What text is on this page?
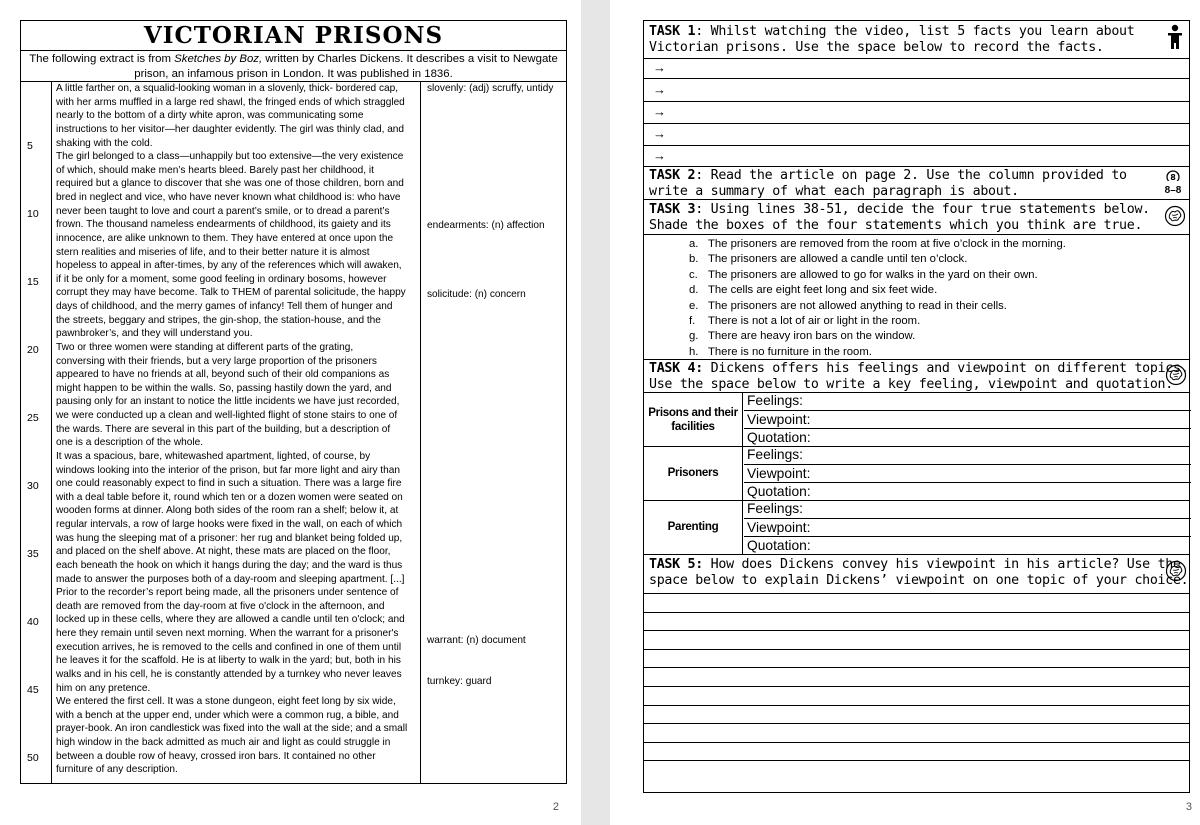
VICTORIAN PRISONS
The following extract is from Sketches by Boz, written by Charles Dickens. It describes a visit to Newgate
prison, an infamous prison in London. It was published in 1836.
5
10
15
20
25
30
35
40
45
50
A little farther on, a squalid-looking woman in a slovenly, thick- bordered cap,
with her arms muffled in a large red shawl, the fringed ends of which straggled
nearly to the bottom of a dirty white apron, was communicating some
instructions to her visitor—her daughter evidently. The girl was thinly clad, and
shaking with the cold.
The girl belonged to a class—unhappily but too extensive—the very existence
of which, should make men’s hearts bleed. Barely past her childhood, it
required but a glance to discover that she was one of those children, born and
bred in neglect and vice, who have never known what childhood is: who have
never been taught to love and court a parent’s smile, or to dread a parent’s
frown. The thousand nameless endearments of childhood, its gaiety and its
innocence, are alike unknown to them. They have entered at once upon the
stern realities and miseries of life, and to their better nature it is almost
hopeless to appeal in after-times, by any of the references which will awaken,
if it be only for a moment, some good feeling in ordinary bosoms, however
corrupt they may have become. Talk to THEM of parental solicitude, the happy
days of childhood, and the merry games of infancy! Tell them of hunger and
the streets, beggary and stripes, the gin-shop, the station-house, and the
pawnbroker’s, and they will understand you.
Two or three women were standing at different parts of the grating,
conversing with their friends, but a very large proportion of the prisoners
appeared to have no friends at all, beyond such of their old companions as
might happen to be within the walls. So, passing hastily down the yard, and
pausing only for an instant to notice the little incidents we have just recorded,
we were conducted up a clean and well-lighted flight of stone stairs to one of
the wards. There are several in this part of the building, but a description of
one is a description of the whole.
It was a spacious, bare, whitewashed apartment, lighted, of course, by
windows looking into the interior of the prison, but far more light and airy than
one could reasonably expect to find in such a situation. There was a large fire
with a deal table before it, round which ten or a dozen women were seated on
wooden forms at dinner. Along both sides of the room ran a shelf; below it, at
regular intervals, a row of large hooks were fixed in the wall, on each of which
was hung the sleeping mat of a prisoner: her rug and blanket being folded up,
and placed on the shelf above. At night, these mats are placed on the floor,
each beneath the hook on which it hangs during the day; and the ward is thus
made to answer the purposes both of a day-room and sleeping apartment. [...]
Prior to the recorder’s report being made, all the prisoners under sentence of
death are removed from the day-room at five o'clock in the afternoon, and
locked up in these cells, where they are allowed a candle until ten o'clock; and
here they remain until seven next morning. When the warrant for a prisoner's
execution arrives, he is removed to the cells and confined in one of them until
he leaves it for the scaffold. He is at liberty to walk in the yard; but, both in his
walks and in his cell, he is constantly attended by a turnkey who never leaves
him on any pretence.
We entered the first cell. It was a stone dungeon, eight feet long by six wide,
with a bench at the upper end, under which were a common rug, a bible, and
prayer-book. An iron candlestick was fixed into the wall at the side; and a small
high window in the back admitted as much air and light as could struggle in
between a double row of heavy, crossed iron bars. It contained no other
furniture of any description.
slovenly: (adj) scruffy, untidy
endearments: (n) affection
solicitude: (n) concern
warrant: (n) document
turnkey: guard
2
TASK 1: Whilst watching the video, list 5 facts you learn about
Victorian prisons. Use the space below to record the facts.
→
→
→
→
→
TASK 2: Read the article on page 2. Use the column provided to
write a summary of what each paragraph is about.
8

8–8
TASK 3: Using lines 38-51, decide the four true statements below.
Shade the boxes of the four statements which you think are true.
a. The prisoners are removed from the room at five o’clock in the morning.
b. The prisoners are allowed a candle until ten o’clock.
c. The prisoners are allowed to go for walks in the yard on their own.
d. The cells are eight feet long and six feet wide.
e. The prisoners are not allowed anything to read in their cells.
f. There is not a lot of air or light in the room.
g. There are heavy iron bars on the window.
h. There is no furniture in the room.
TASK 4: Dickens offers his feelings and viewpoint on different topics.
Use the space below to write a key feeling, viewpoint and quotation.
Prisons and their facilities
Feelings:
Viewpoint:
Quotation:
Prisoners
Feelings:
Viewpoint:
Quotation:
Parenting
Feelings:
Viewpoint:
Quotation:
TASK 5: How does Dickens convey his viewpoint in his article? Use the
space below to explain Dickens’ viewpoint on one topic of your choice.
3
